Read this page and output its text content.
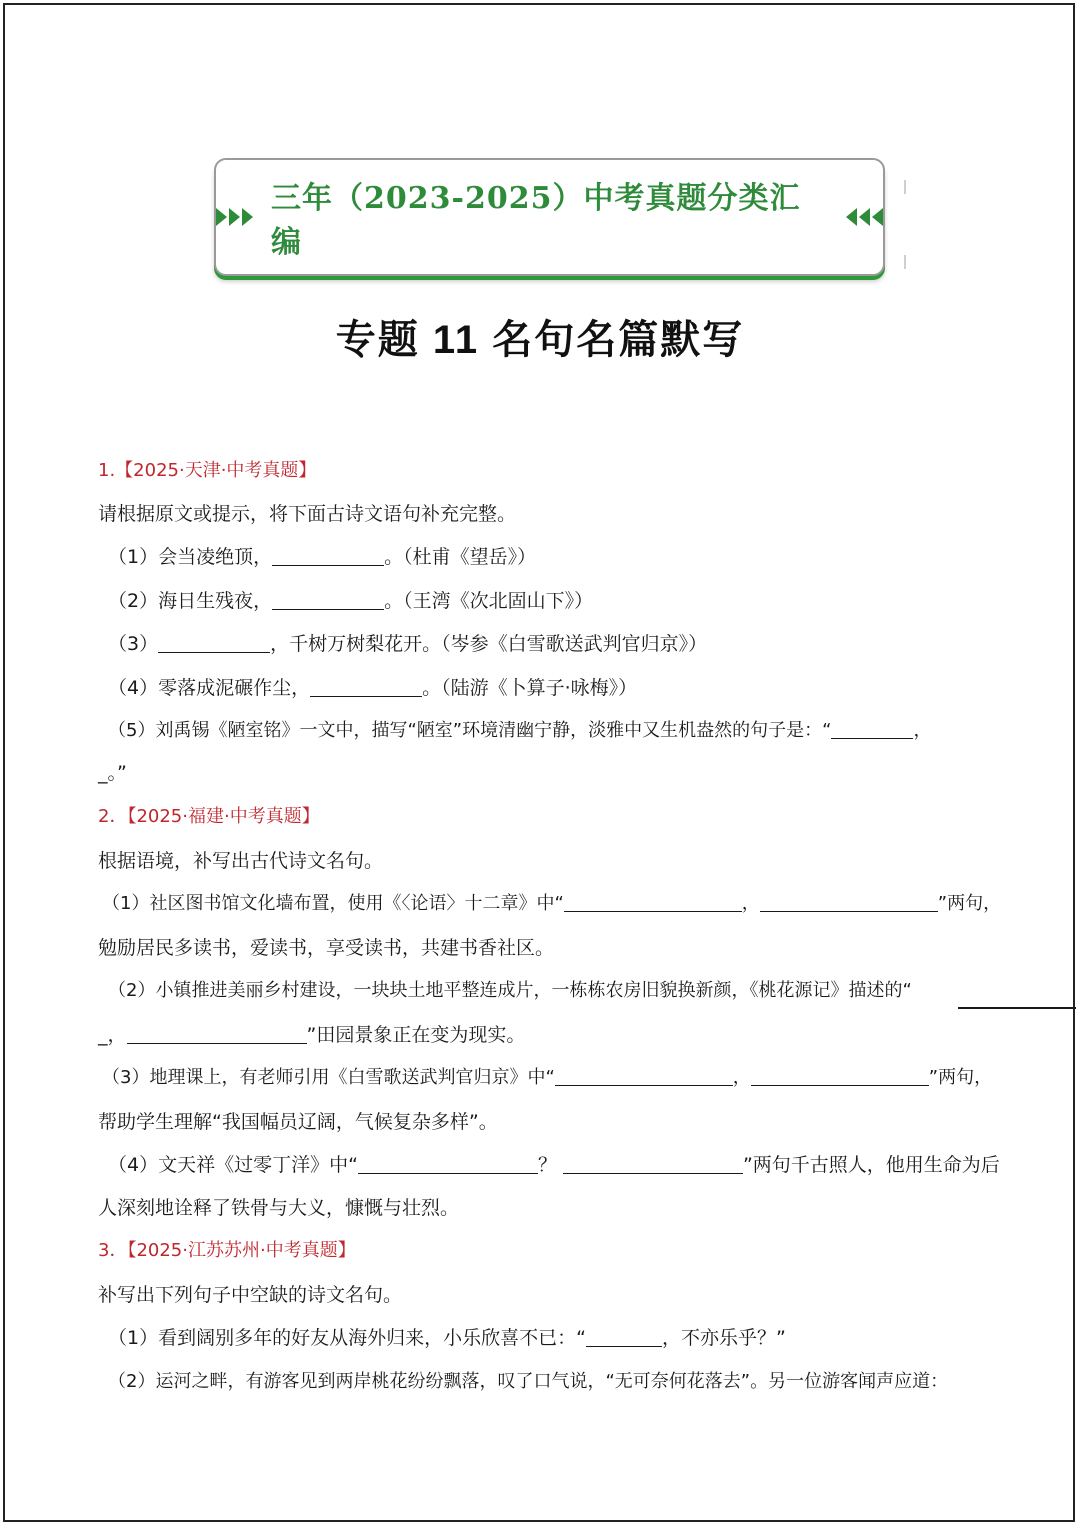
三年（2023-2025）中考真题分类汇编
专题 11 名句名篇默写
1.【2025·天津·中考真题】
请根据原文或提示，将下面古诗文语句补充完整。
（1）会当凌绝顶，	。（杜甫《望岳》）
（2）海日生残夜，	。（王湾《次北固山下》）
（3）	，千树万树梨花开。（岑参《白雪歌送武判官归京》）
（4）零落成泥碾作尘，	。（陆游《卜算子·咏梅》）
（5）刘禹锡《陋室铭》一文中，描写“陋室”环境清幽宁静，淡雅中又生机盎然的句子是：“	，
_。”
2．【2025·福建·中考真题】
根据语境，补写出古代诗文名句。
（1）社区图书馆文化墙布置，使用《〈论语〉十二章》中“	，	”两句，
勉励居民多读书，爱读书，享受读书，共建书香社区。
（2）小镇推进美丽乡村建设，一块块土地平整连成片，一栋栋农房旧貌换新颜，《桃花源记》描述的“
_，	”田园景象正在变为现实。
（3）地理课上，有老师引用《白雪歌送武判官归京》中“	，	”两句，
帮助学生理解“我国幅员辽阔，气候复杂多样”。
（4）文天祥《过零丁洋》中“	？	”两句千古照人，他用生命为后
人深刻地诠释了铁骨与大义，慷慨与壮烈。
3．【2025·江苏苏州·中考真题】
补写出下列句子中空缺的诗文名句。
（1）看到阔别多年的好友从海外归来，小乐欣喜不已：“	，不亦乐乎？”
（2）运河之畔，有游客见到两岸桃花纷纷飘落，叹了口气说，“无可奈何花落去”。另一位游客闻声应道：
